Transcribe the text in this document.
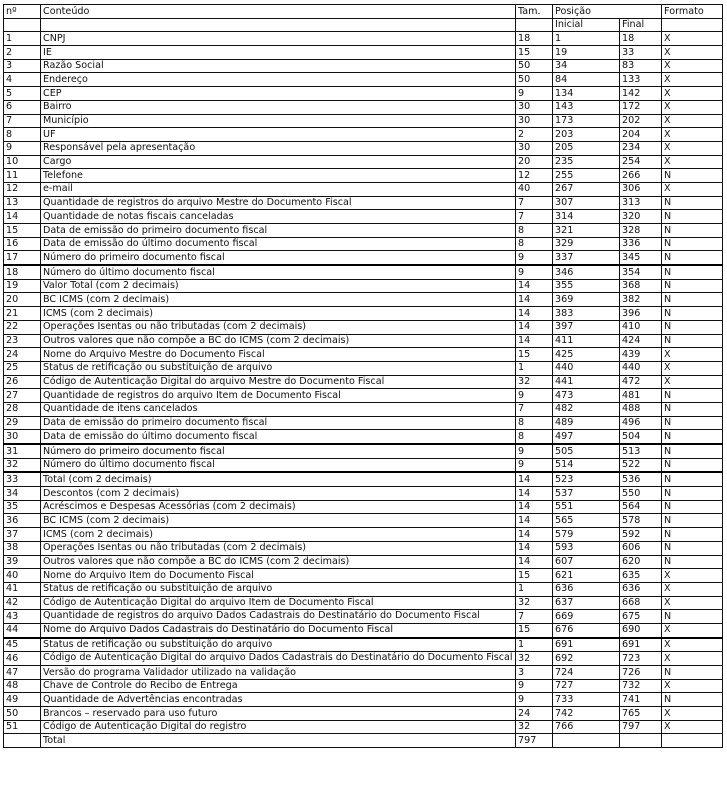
nº	Conteúdo	Tam.	Posição		Formato
			Inicial	Final	
1	CNPJ	18	1	18	X
2	IE	15	19	33	X
3	Razão Social	50	34	83	X
4	Endereço	50	84	133	X
5	CEP	9	134	142	X
6	Bairro	30	143	172	X
7	Município	30	173	202	X
8	UF	2	203	204	X
9	Responsável pela apresentação	30	205	234	X
10	Cargo	20	235	254	X
11	Telefone	12	255	266	N
12	e-mail	40	267	306	X
13	Quantidade de registros do arquivo Mestre do Documento Fiscal	7	307	313	N
14	Quantidade de notas fiscais canceladas	7	314	320	N
15	Data de emissão do primeiro documento fiscal	8	321	328	N
16	Data de emissão do último documento fiscal	8	329	336	N
17	Número do primeiro documento fiscal	9	337	345	N
18	Número do último documento fiscal	9	346	354	N
19	Valor Total (com 2 decimais)	14	355	368	N
20	BC ICMS (com 2 decimais)	14	369	382	N
21	ICMS (com 2 decimais)	14	383	396	N
22	Operações Isentas ou não tributadas (com 2 decimais)	14	397	410	N
23	Outros valores que não compõe a BC do ICMS (com 2 decimais)	14	411	424	N
24	Nome do Arquivo Mestre do Documento Fiscal	15	425	439	X
25	Status de retificação ou substituição de arquivo	1	440	440	X
26	Código de Autenticação Digital do arquivo Mestre do Documento Fiscal	32	441	472	X
27	Quantidade de registros do arquivo Item de Documento Fiscal	9	473	481	N
28	Quantidade de itens cancelados	7	482	488	N
29	Data de emissão do primeiro documento fiscal	8	489	496	N
30	Data de emissão do último documento fiscal	8	497	504	N
31	Número do primeiro documento fiscal	9	505	513	N
32	Número do último documento fiscal	9	514	522	N
33	Total (com 2 decimais)	14	523	536	N
34	Descontos (com 2 decimais)	14	537	550	N
35	Acréscimos e Despesas Acessórias (com 2 decimais)	14	551	564	N
36	BC ICMS (com 2 decimais)	14	565	578	N
37	ICMS (com 2 decimais)	14	579	592	N
38	Operações Isentas ou não tributadas (com 2 decimais)	14	593	606	N
39	Outros valores que não compõe a BC do ICMS (com 2 decimais)	14	607	620	N
40	Nome do Arquivo Item do Documento Fiscal	15	621	635	X
41	Status de retificação ou substituição de arquivo	1	636	636	X
42	Código de Autenticação Digital do arquivo Item de Documento Fiscal	32	637	668	X
43	Quantidade de registros do arquivo Dados Cadastrais do Destinatário do Documento Fiscal	7	669	675	N
44	Nome do Arquivo Dados Cadastrais do Destinatário do Documento Fiscal	15	676	690	X
45	Status de retificação ou substituição do arquivo	1	691	691	X
46	Código de Autenticação Digital do arquivo Dados Cadastrais do Destinatário do Documento Fiscal	32	692	723	X
47	Versão do programa Validador utilizado na validação	3	724	726	N
48	Chave de Controle do Recibo de Entrega	9	727	732	X
49	Quantidade de Advertências encontradas	9	733	741	N
50	Brancos – reservado para uso futuro	24	742	765	X
51	Código de Autenticação Digital do registro	32	766	797	X
	Total	797			
